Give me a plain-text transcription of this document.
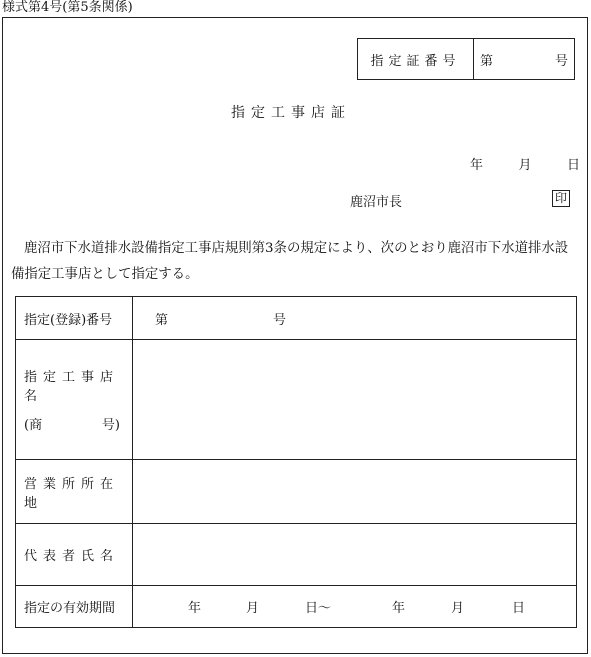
様式第4号(第5条関係)
指定証番号	第	号
指定工事店証
年	月	日
鹿沼市長	印
鹿沼市下水道排水設備指定工事店規則第3条の規定により、次のとおり鹿沼市下水道排水設備指定工事店として指定する。
指定(登録)番号	第	号
指定工事店名
(商	号)
営業所所在地
代表者氏名
指定の有効期間	年	月	日〜	年	月	日
